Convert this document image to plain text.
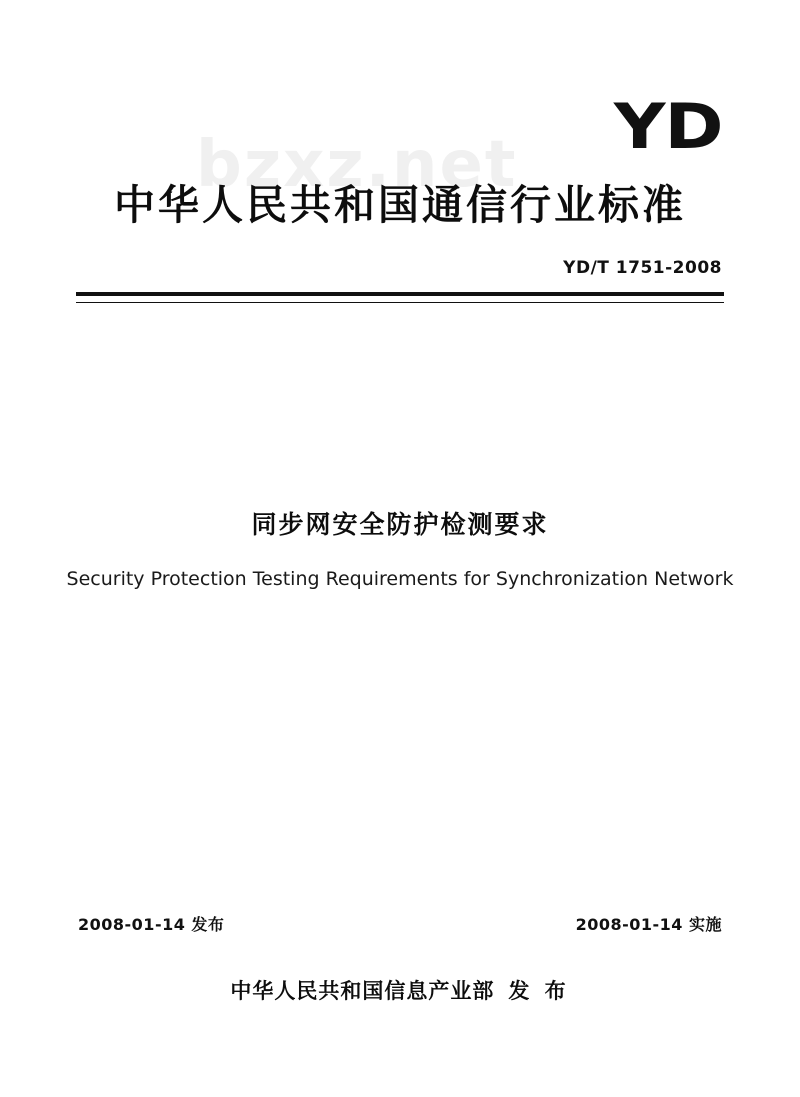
bzxz.net
YD
中华人民共和国通信行业标准
YD/T 1751-2008
同步网安全防护检测要求
Security Protection Testing Requirements for Synchronization Network
2008-01-14 发布	2008-01-14 实施
中华人民共和国信息产业部 发 布
